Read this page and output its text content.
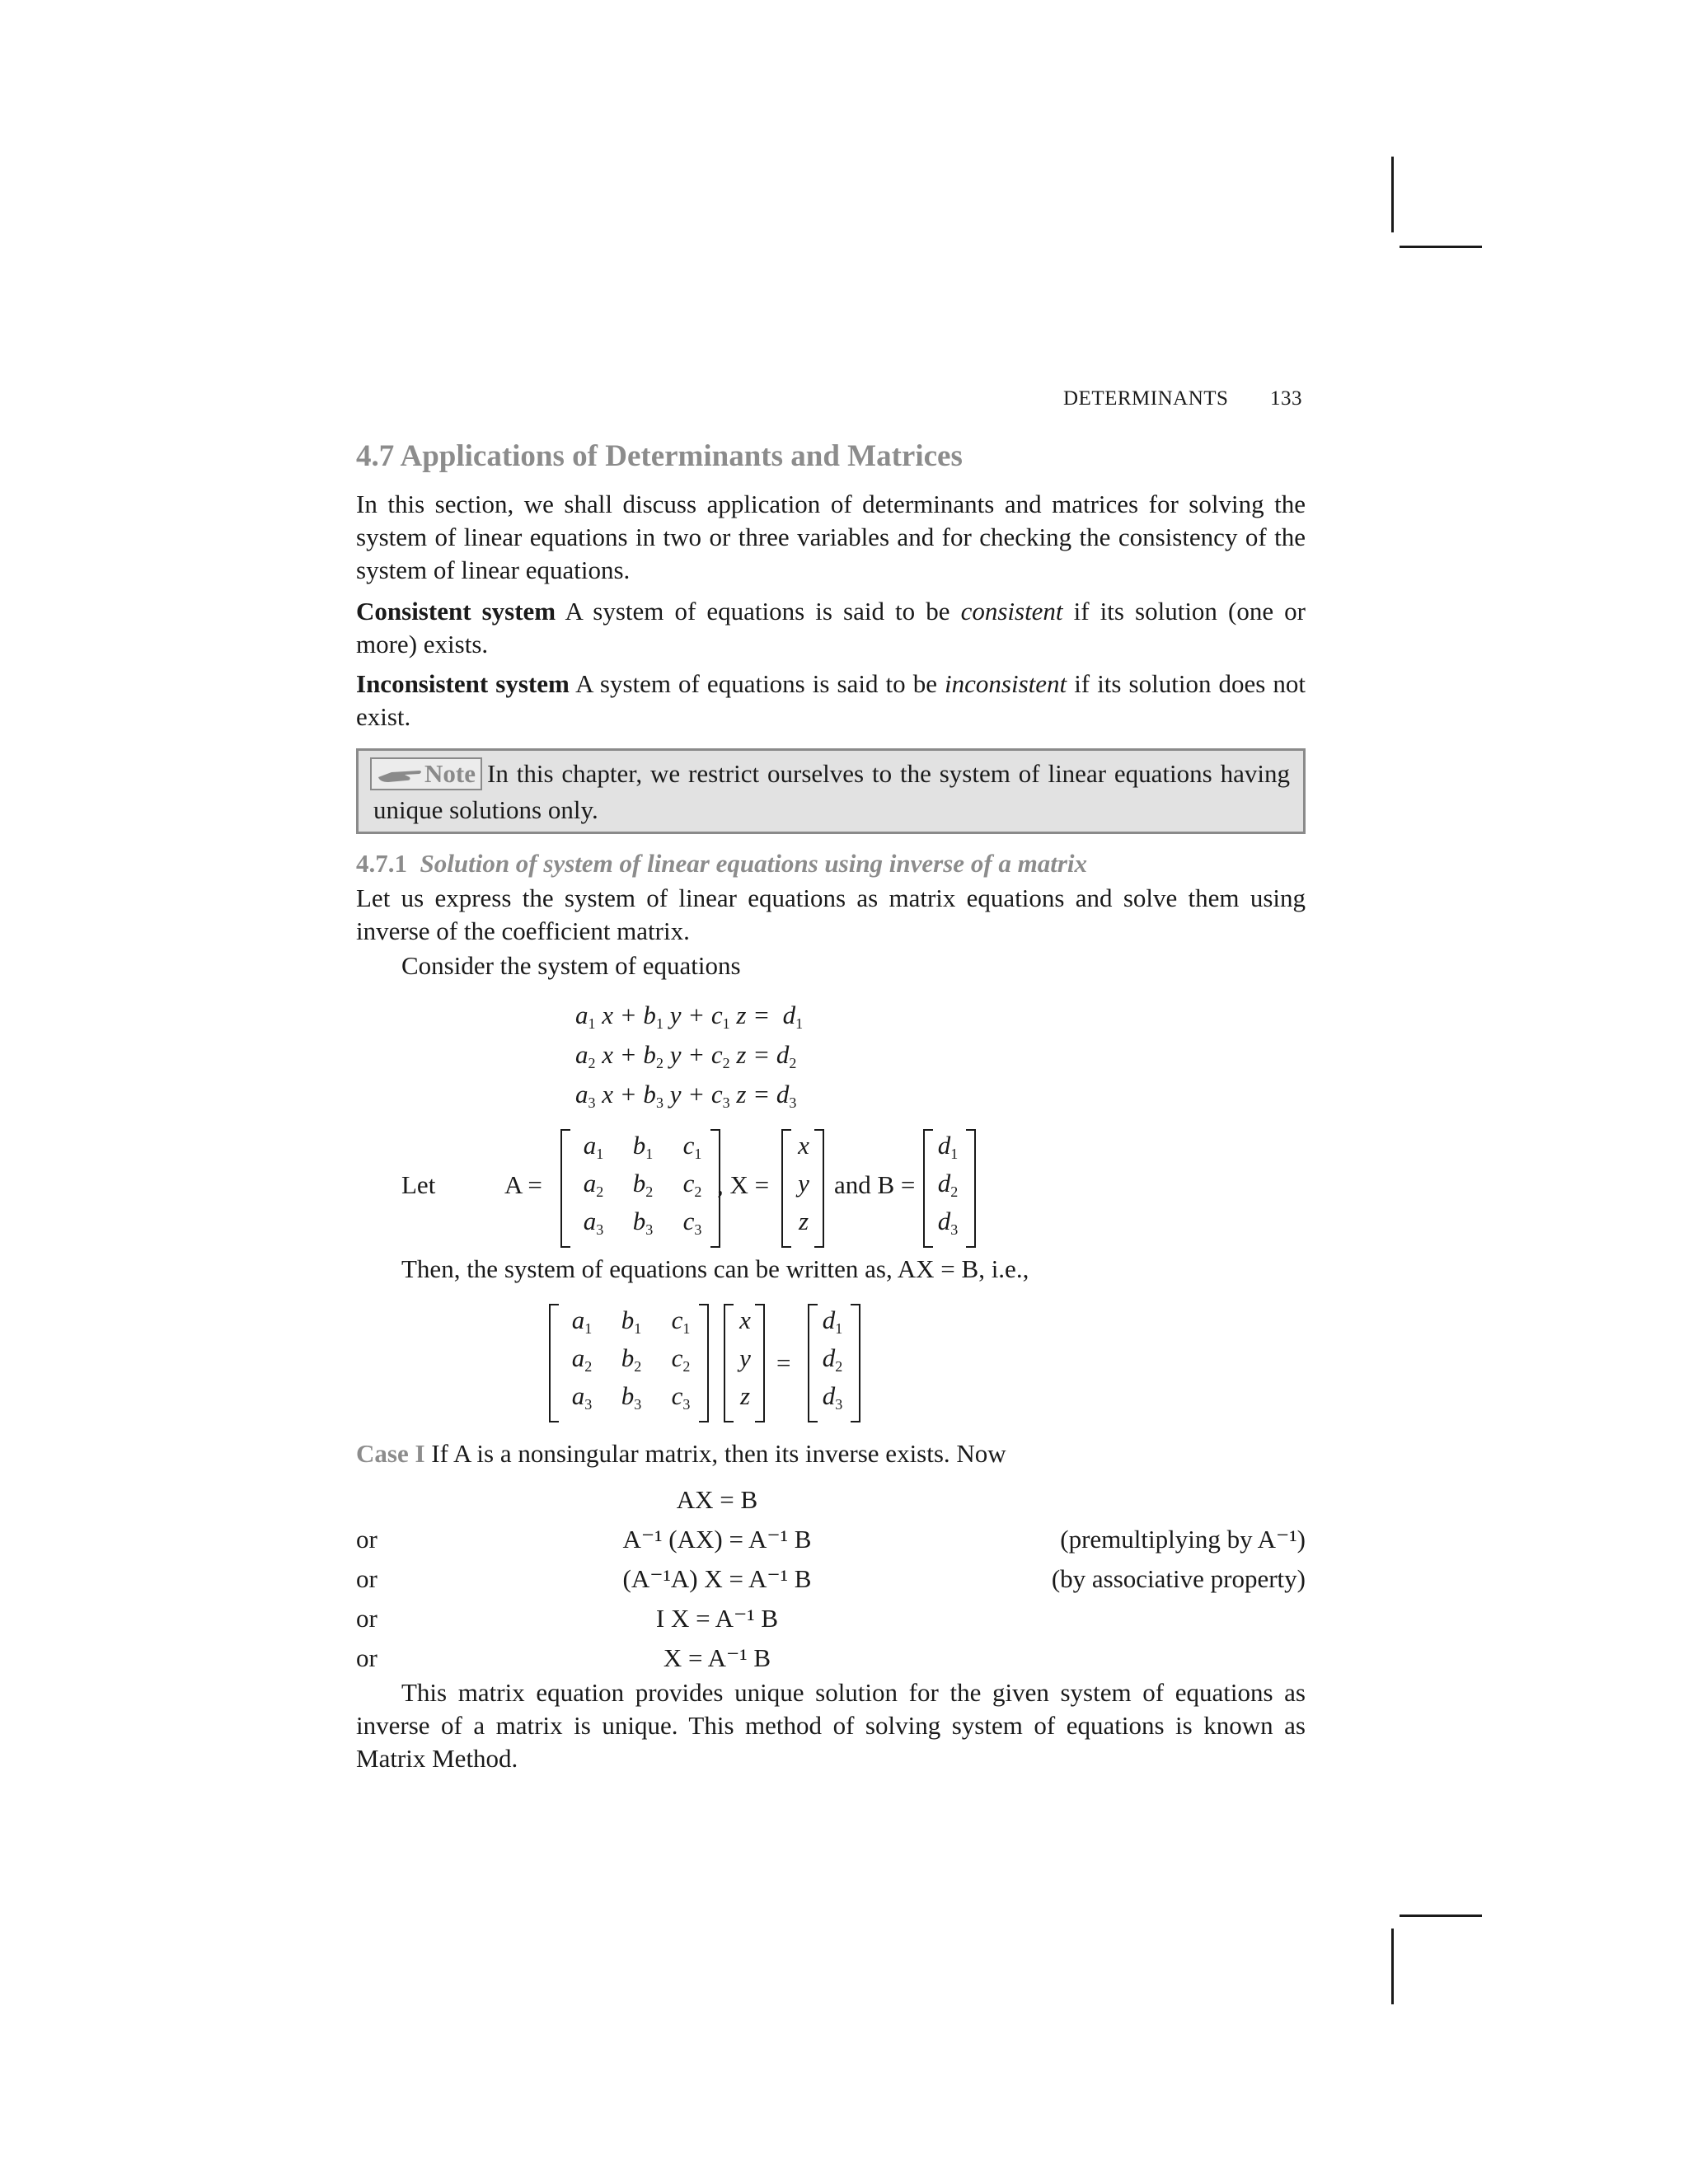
DETERMINANTS 133
4.7 Applications of Determinants and Matrices
In this section, we shall discuss application of determinants and matrices for solving the system of linear equations in two or three variables and for checking the consistency of the system of linear equations.
Consistent system A system of equations is said to be consistent if its solution (one or more) exists.
Inconsistent system A system of equations is said to be inconsistent if its solution does not exist.
In this chapter, we restrict ourselves to the system of linear equations having unique solutions only.
Note
4.7.1 Solution of system of linear equations using inverse of a matrix
Let us express the system of linear equations as matrix equations and solve them using inverse of the coefficient matrix.
Consider the system of equations
$a_1$ $x + b_1$ $y + c_1$ $z = d_1$
$a_2$ $x + b_2$ $y + c_2$ $z = d_2$
$a_3$ $x + b_3$ $y + c_3$ $z = d_3$
Let	A =
$a_1$	$b_1$	$c_1$
$a_2$	$b_2$	$c_2$
$a_3$	$b_3$	$c_3$
, X =
x
y
z
and B =
$d_1$
$d_2$
$d_3$
Then, the system of equations can be written as, AX = B, i.e.,
$a_1$	$b_1$	$c_1$
$a_2$	$b_2$	$c_2$
$a_3$	$b_3$	$c_3$
x
y
z
=
$d_1$
$d_2$
$d_3$
Case I If A is a nonsingular matrix, then its inverse exists. Now
AX = B
or	A⁻¹ (AX) = A⁻¹ B	(premultiplying by A⁻¹)
or	(A⁻¹A) X = A⁻¹ B	(by associative property)
or	I X = A⁻¹ B
or	X = A⁻¹ B
This matrix equation provides unique solution for the given system of equations as inverse of a matrix is unique. This method of solving system of equations is known as Matrix Method.
